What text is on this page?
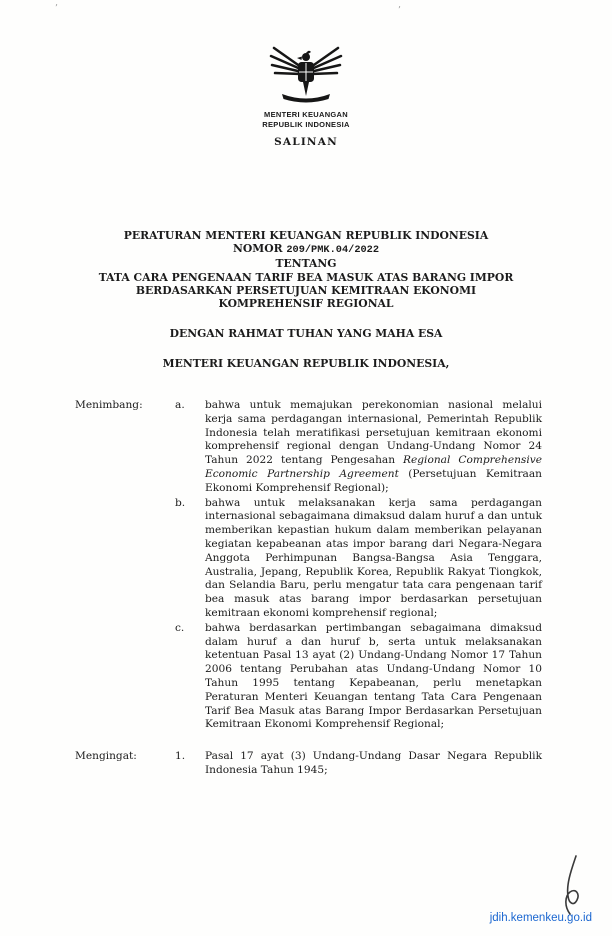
’	’
MENTERI KEUANGAN
REPUBLIK INDONESIA
SALINAN
PERATURAN MENTERI KEUANGAN REPUBLIK INDONESIA
NOMOR 209/PMK.04/2022
TENTANG
TATA CARA PENGENAAN TARIF BEA MASUK ATAS BARANG IMPOR
BERDASARKAN PERSETUJUAN KEMITRAAN EKONOMI
KOMPREHENSIF REGIONAL
DENGAN RAHMAT TUHAN YANG MAHA ESA
MENTERI KEUANGAN REPUBLIK INDONESIA,
Menimbang:	a.	bahwa untuk memajukan perekonomian nasional melalui kerja sama perdagangan internasional, Pemerintah Republik Indonesia telah meratifikasi persetujuan kemitraan ekonomi komprehensif regional dengan Undang-Undang Nomor 24 Tahun 2022 tentang Pengesahan Regional Comprehensive Economic Partnership Agreement (Persetujuan Kemitraan Ekonomi Komprehensif Regional);
b.	bahwa untuk melaksanakan kerja sama perdagangan internasional sebagaimana dimaksud dalam huruf a dan untuk memberikan kepastian hukum dalam memberikan pelayanan kegiatan kepabeanan atas impor barang dari Negara-Negara Anggota Perhimpunan Bangsa-Bangsa Asia Tenggara, Australia, Jepang, Republik Korea, Republik Rakyat Tiongkok, dan Selandia Baru, perlu mengatur tata cara pengenaan tarif bea masuk atas barang impor berdasarkan persetujuan kemitraan ekonomi komprehensif regional;
c.	bahwa berdasarkan pertimbangan sebagaimana dimaksud dalam huruf a dan huruf b, serta untuk melaksanakan ketentuan Pasal 13 ayat (2) Undang-Undang Nomor 17 Tahun 2006 tentang Perubahan atas Undang-Undang Nomor 10 Tahun 1995 tentang Kepabeanan, perlu menetapkan Peraturan Menteri Keuangan tentang Tata Cara Pengenaan Tarif Bea Masuk atas Barang Impor Berdasarkan Persetujuan Kemitraan Ekonomi Komprehensif Regional;
Mengingat:	1.	Pasal 17 ayat (3) Undang-Undang Dasar Negara Republik Indonesia Tahun 1945;
jdih.kemenkeu.go.id
